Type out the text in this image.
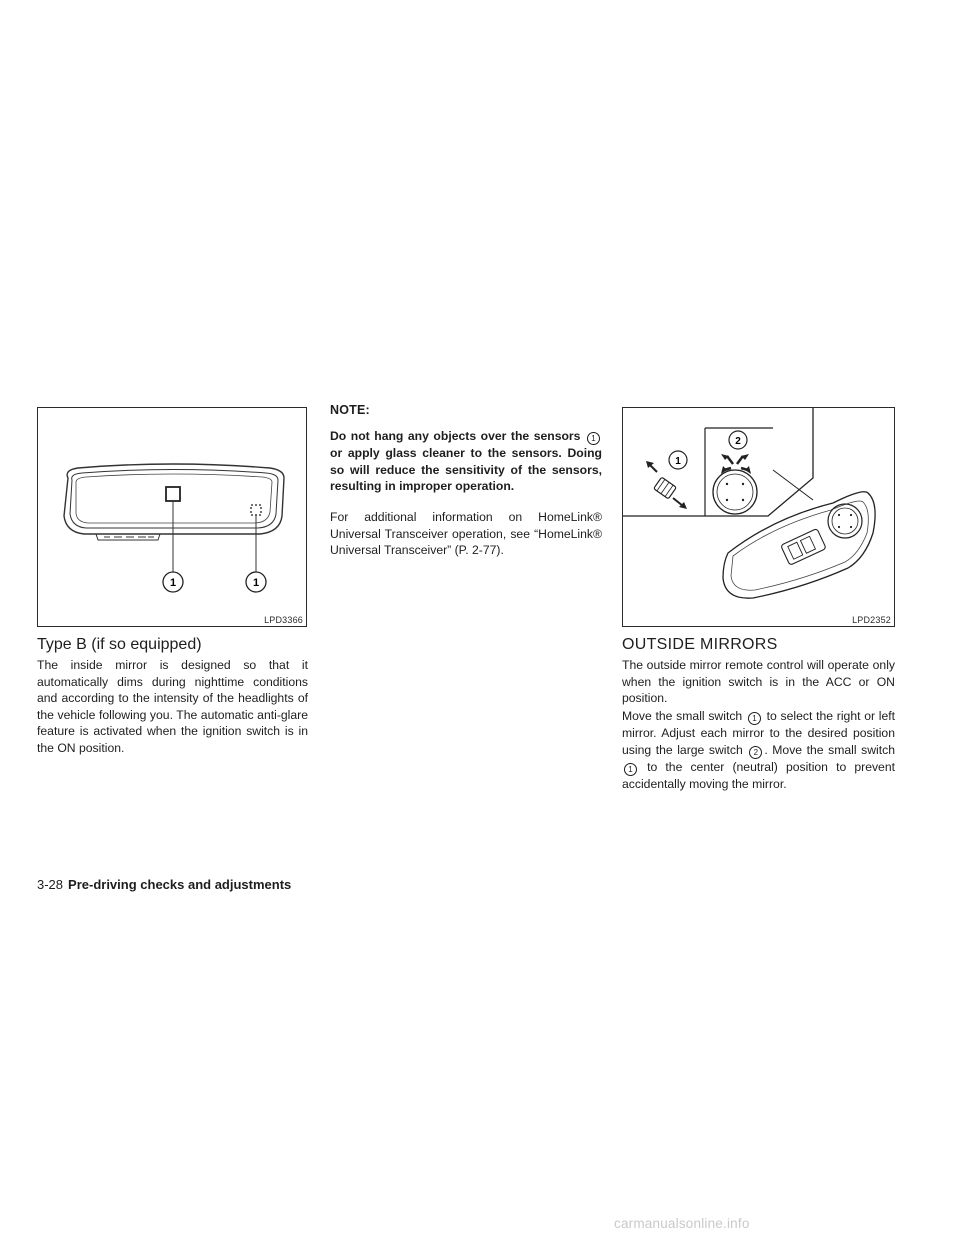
1	1
LPD3366
1
2
LPD2352
Type B (if so equipped)

The inside mirror is designed so that it automatically dims during nighttime conditions and according to the intensity of the headlights of the vehicle following you. The automatic anti-glare feature is activated when the ignition switch is in the ON position.

NOTE:

Do not hang any objects over the sensors 1 or apply glass cleaner to the sensors. Doing so will reduce the sensitivity of the sensors, resulting in improper operation.

For additional information on HomeLink® Universal Transceiver operation, see “HomeLink® Universal Transceiver” (P. 2-77).

OUTSIDE MIRRORS

The outside mirror remote control will operate only when the ignition switch is in the ACC or ON position.

Move the small switch 1 to select the right or left mirror. Adjust each mirror to the desired position using the large switch 2 . Move the small switch 1 to the center (neutral) position to prevent accidentally moving the mirror.

3-28 Pre-driving checks and adjustments
carmanualsonline.info
